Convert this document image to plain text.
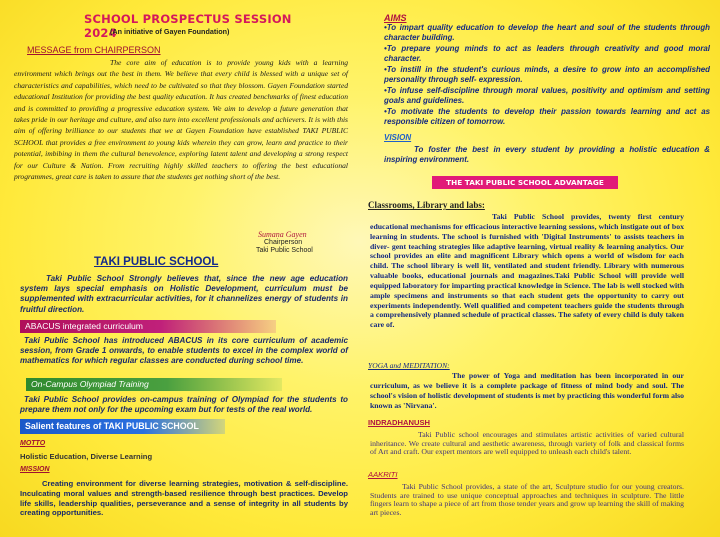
SCHOOL PROSPECTUS SESSION 2024
(An initiative of Gayen Foundation)
MESSAGE from CHAIRPERSON

The core aim of education is to provide young kids with a learning environment which brings out the best in them. We believe that every child is blessed with a unique set of characteristics and capabilities, which need to be cultivated so that they blossom. Gayen Foundation started educational Institution for providing the best quality education. It has created benchmarks of finest education and is committed to providing a progressive education system. We aim to develop a future generation that takes pride in our heritage and culture, and also turn into excellent professionals and achievers. It is with this aim of offering brilliance to our students that we at Gayen Foundation have established TAKI PUBLIC SCHOOL that provides a free environment to young kids wherein they can grow, learn and practice to their potential, imbibing in them the cultural benevolence, exploring latent talent and developing a strong respect for our Culture & Nation. From recruiting highly skilled teachers to offering the best educational programmes, great care is taken to assure that the students get nothing short of the best.

Sumana Gayen
Chairperson
Taki Public School
TAKI PUBLIC SCHOOL

Taki Public School Strongly believes that, since the new age education system lays special emphasis on Holistic Development, curriculum must be supplemented with extracurricular activities, for it channelizes energy of students in fruitful direction.

ABACUS integrated curriculum

Taki Public School has introduced ABACUS in its core curriculum of academic session, from Grade 1 onwards, to enable students to excel in the complex world of mathematics for which regular classes are conducted during school time.

On-Campus Olympiad Training

Taki Public School provides on-campus training of Olympiad for the students to prepare them not only for the upcoming exam but for tests of the real world.

Salient features of TAKI PUBLIC SCHOOL
MOTTO
Holistic Education, Diverse Learning
MISSION

Creating environment for diverse learning strategies, motivation & self-discipline. Inculcating moral values and strength-based resilience through best practices. Develop life skills, leadership qualities, perseverance and a sense of integrity in all students by creating opportunities.

AIMS
• To impart quality education to develop the heart and soul of the students through character building.
• To prepare young minds to act as leaders through creativity and good moral character.
• To instill in the student's curious minds, a desire to grow into an accomplished personality through self- expression.
• To infuse self-discipline through moral values, positivity and optimism and setting goals and guidelines.
• To motivate the students to develop their passion towards learning and act as responsible citizen of tomorrow.
VISION

To foster the best in every student by providing a holistic education & inspiring environment.

THE TAKI PUBLIC SCHOOL ADVANTAGE
Classrooms, Library and labs:

Taki Public School provides, twenty first century educational mechanisms for efficacious interactive learning sessions, which instigate out of box learning in students. The school is furnished with 'Digital Instruments' to assists teachers in diver- gent teaching strategies like adaptive learning, virtual reality & learning analytics. Our school provides an elite and magnificent Library which opens a world of wisdom for each child. The school library is well lit, ventilated and student friendly. Library with numerous valuable books, educational journals and magazines.Taki Public School will provide well equipped laboratory for imparting practical knowledge in Science. The lab is well stocked with ample specimens and instruments so that each student gets the opportunity to carry out experiments independently. Well qualified and competent teachers guide the students through a comprehensively planned schedule of practical classes. The safety of every child is duly taken care of.

YOGA and MEDITATION:

The power of Yoga and meditation has been incorporated in our curriculum, as we believe it is a complete package of fitness of mind body and soul. The school's vision of holistic development of students is met by practicing this wonderful form also known as 'Nirvana'.

INDRADHANUSH

Taki Public school encourages and stimulates artistic activities of varied cultural inheritance. We create cultural and aesthetic awareness, through variety of folk and classical forms of Art and craft. Our expert mentors are well equipped to unleash each child's talent.

AAKRITI

Taki Public School provides, a state of the art, Sculpture studio for our young creators. Students are trained to use unique conceptual approaches and techniques in sculpture. The little fingers learn to shape a piece of art from those tender years and grow up learning the skill of making art pieces.
